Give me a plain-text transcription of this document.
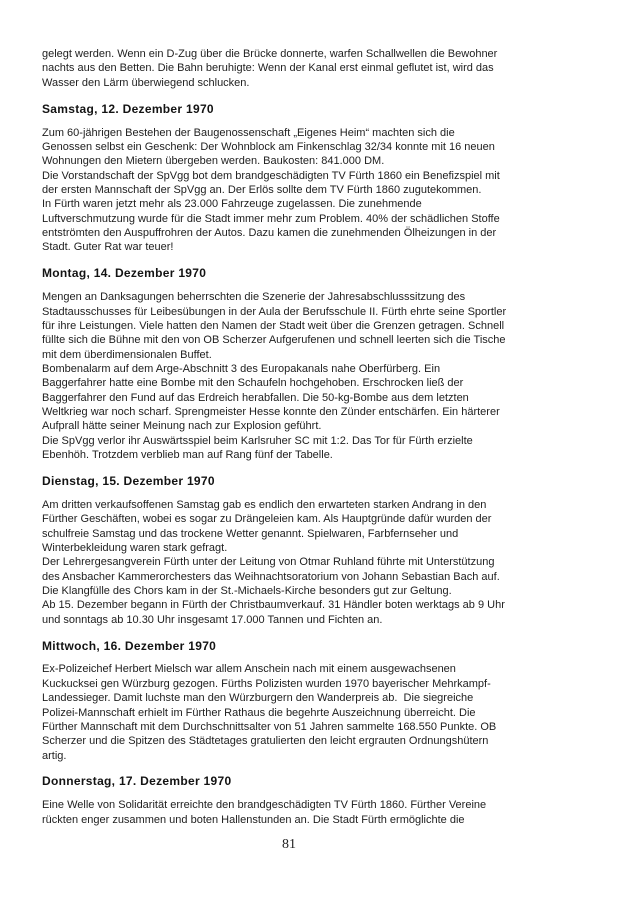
gelegt werden. Wenn ein D-Zug über die Brücke donnerte, warfen Schallwellen die Bewohner
nachts aus den Betten. Die Bahn beruhigte: Wenn der Kanal erst einmal geflutet ist, wird das
Wasser den Lärm überwiegend schlucken.

Samstag, 12. Dezember 1970

Zum 60-jährigen Bestehen der Baugenossenschaft „Eigenes Heim“ machten sich die
Genossen selbst ein Geschenk: Der Wohnblock am Finkenschlag 32/34 konnte mit 16 neuen
Wohnungen den Mietern übergeben werden. Baukosten: 841.000 DM.
Die Vorstandschaft der SpVgg bot dem brandgeschädigten TV Fürth 1860 ein Benefizspiel mit
der ersten Mannschaft der SpVgg an. Der Erlös sollte dem TV Fürth 1860 zugutekommen.
In Fürth waren jetzt mehr als 23.000 Fahrzeuge zugelassen. Die zunehmende
Luftverschmutzung wurde für die Stadt immer mehr zum Problem. 40% der schädlichen Stoffe
entströmten den Auspuffrohren der Autos. Dazu kamen die zunehmenden Ölheizungen in der
Stadt. Guter Rat war teuer!

Montag, 14. Dezember 1970

Mengen an Danksagungen beherrschten die Szenerie der Jahresabschlusssitzung des
Stadtausschusses für Leibesübungen in der Aula der Berufsschule II. Fürth ehrte seine Sportler
für ihre Leistungen. Viele hatten den Namen der Stadt weit über die Grenzen getragen. Schnell
füllte sich die Bühne mit den von OB Scherzer Aufgerufenen und schnell leerten sich die Tische
mit dem überdimensionalen Buffet.
Bombenalarm auf dem Arge-Abschnitt 3 des Europakanals nahe Oberfürberg. Ein
Baggerfahrer hatte eine Bombe mit den Schaufeln hochgehoben. Erschrocken ließ der
Baggerfahrer den Fund auf das Erdreich herabfallen. Die 50-kg-Bombe aus dem letzten
Weltkrieg war noch scharf. Sprengmeister Hesse konnte den Zünder entschärfen. Ein härterer
Aufprall hätte seiner Meinung nach zur Explosion geführt.
Die SpVgg verlor ihr Auswärtsspiel beim Karlsruher SC mit 1:2. Das Tor für Fürth erzielte
Ebenhöh. Trotzdem verblieb man auf Rang fünf der Tabelle.

Dienstag, 15. Dezember 1970

Am dritten verkaufsoffenen Samstag gab es endlich den erwarteten starken Andrang in den
Fürther Geschäften, wobei es sogar zu Drängeleien kam. Als Hauptgründe dafür wurden der
schulfreie Samstag und das trockene Wetter genannt. Spielwaren, Farbfernseher und
Winterbekleidung waren stark gefragt.
Der Lehrergesangverein Fürth unter der Leitung von Otmar Ruhland führte mit Unterstützung
des Ansbacher Kammerorchesters das Weihnachtsoratorium von Johann Sebastian Bach auf.
Die Klangfülle des Chors kam in der St.-Michaels-Kirche besonders gut zur Geltung.
Ab 15. Dezember begann in Fürth der Christbaumverkauf. 31 Händler boten werktags ab 9 Uhr
und sonntags ab 10.30 Uhr insgesamt 17.000 Tannen und Fichten an.

Mittwoch, 16. Dezember 1970

Ex-Polizeichef Herbert Mielsch war allem Anschein nach mit einem ausgewachsenen
Kuckucksei gen Würzburg gezogen. Fürths Polizisten wurden 1970 bayerischer Mehrkampf-
Landessieger. Damit luchste man den Würzburgern den Wanderpreis ab.  Die siegreiche
Polizei-Mannschaft erhielt im Fürther Rathaus die begehrte Auszeichnung überreicht. Die
Fürther Mannschaft mit dem Durchschnittsalter von 51 Jahren sammelte 168.550 Punkte. OB
Scherzer und die Spitzen des Städtetages gratulierten den leicht ergrauten Ordnungshütern
artig.

Donnerstag, 17. Dezember 1970

Eine Welle von Solidarität erreichte den brandgeschädigten TV Fürth 1860. Fürther Vereine
rückten enger zusammen und boten Hallenstunden an. Die Stadt Fürth ermöglichte die

81
